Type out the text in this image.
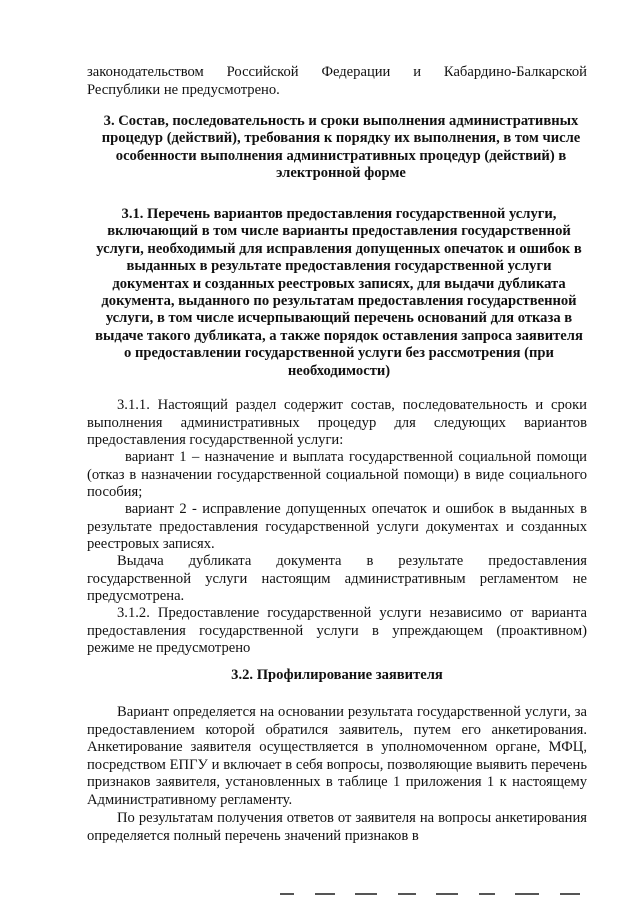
законодательством Российской Федерации и Кабардино-Балкарской
Республики не предусмотрено.
3. Состав, последовательность и сроки выполнения административных процедур (действий), требования к порядку их выполнения, в том числе особенности выполнения административных процедур (действий) в электронной форме
3.1. Перечень вариантов предоставления государственной услуги, включающий в том числе варианты предоставления государственной услуги, необходимый для исправления допущенных опечаток и ошибок в выданных в результате предоставления государственной услуги документах и созданных реестровых записях, для выдачи дубликата документа, выданного по результатам предоставления государственной услуги, в том числе исчерпывающий перечень оснований для отказа в выдаче такого дубликата, а также порядок оставления запроса заявителя о предоставлении государственной услуги без рассмотрения (при необходимости)
3.1.1. Настоящий раздел содержит состав, последовательность и сроки выполнения административных процедур для следующих вариантов предоставления государственной услуги:
вариант 1 – назначение и выплата государственной социальной помощи (отказ в назначении государственной социальной помощи) в виде социального пособия;
вариант 2 - исправление допущенных опечаток и ошибок в выданных в результате предоставления государственной услуги документах и созданных реестровых записях.
Выдача дубликата документа в результате предоставления государственной услуги настоящим административным регламентом не предусмотрена.
3.1.2. Предоставление государственной услуги независимо от варианта предоставления государственной услуги в упреждающем (проактивном) режиме не предусмотрено
3.2. Профилирование заявителя
Вариант определяется на основании результата государственной услуги, за предоставлением которой обратился заявитель, путем его анкетирования. Анкетирование заявителя осуществляется в уполномоченном органе, МФЦ, посредством ЕПГУ и включает в себя вопросы, позволяющие выявить перечень признаков заявителя, установленных в таблице 1 приложения 1 к настоящему Административному регламенту.
По результатам получения ответов от заявителя на вопросы анкетирования определяется полный перечень значений признаков в
